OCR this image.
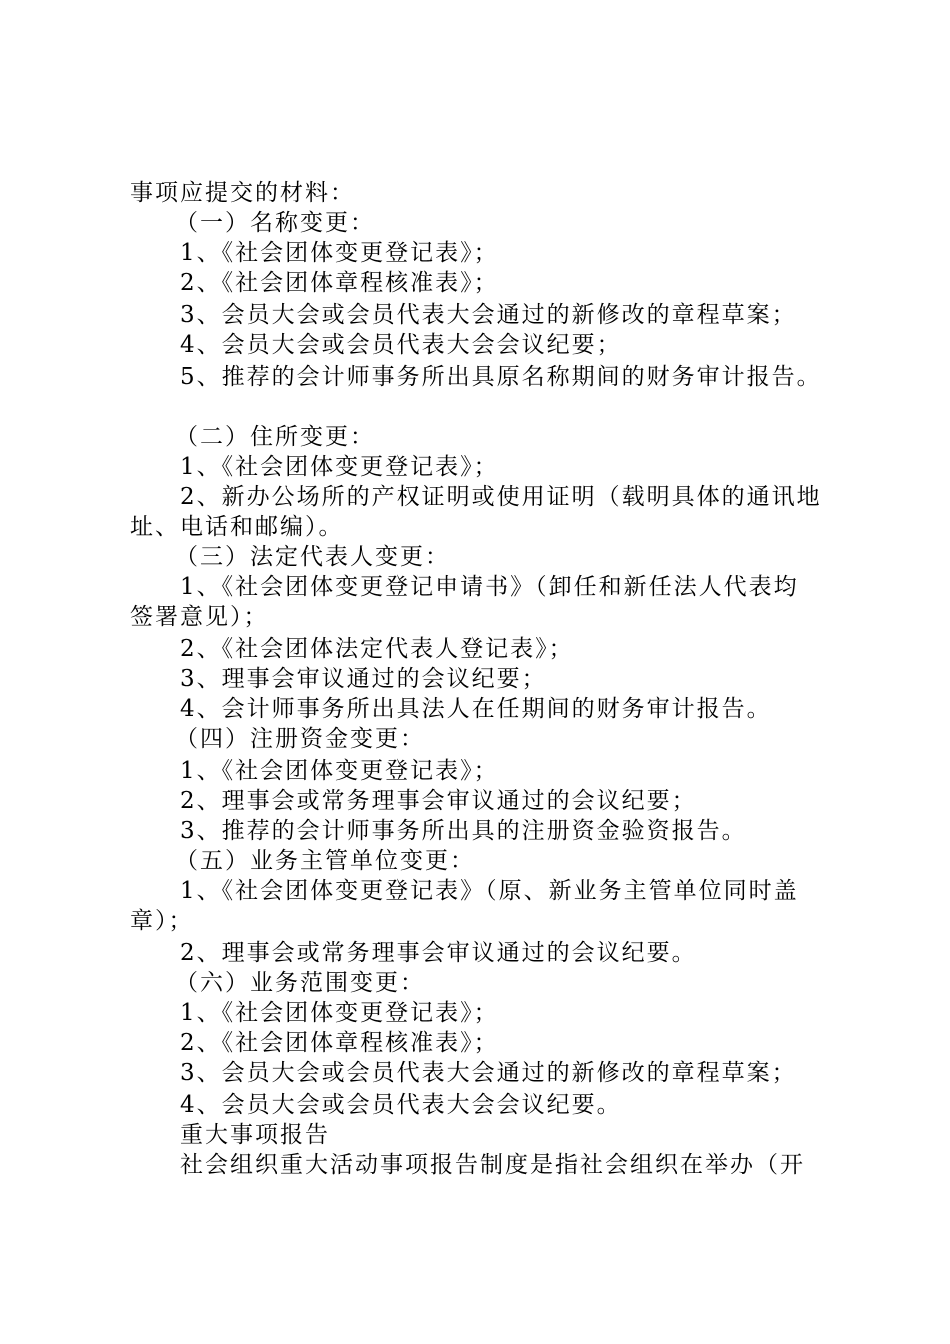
事项应提交的材料：
（一）名称变更：
1、《社会团体变更登记表》；
2、《社会团体章程核准表》；
3、会员大会或会员代表大会通过的新修改的章程草案；
4、会员大会或会员代表大会会议纪要；
5、推荐的会计师事务所出具原名称期间的财务审计报告。
（二）住所变更：
1、《社会团体变更登记表》；
2、新办公场所的产权证明或使用证明（载明具体的通讯地
址、电话和邮编）。
（三）法定代表人变更：
1、《社会团体变更登记申请书》（卸任和新任法人代表均
签署意见）；
2、《社会团体法定代表人登记表》；
3、理事会审议通过的会议纪要；
4、会计师事务所出具法人在任期间的财务审计报告。
（四）注册资金变更：
1、《社会团体变更登记表》；
2、理事会或常务理事会审议通过的会议纪要；
3、推荐的会计师事务所出具的注册资金验资报告。
（五）业务主管单位变更：
1、《社会团体变更登记表》（原、新业务主管单位同时盖
章）；
2、理事会或常务理事会审议通过的会议纪要。
（六）业务范围变更：
1、《社会团体变更登记表》；
2、《社会团体章程核准表》；
3、会员大会或会员代表大会通过的新修改的章程草案；
4、会员大会或会员代表大会会议纪要。
重大事项报告
社会组织重大活动事项报告制度是指社会组织在举办（开
